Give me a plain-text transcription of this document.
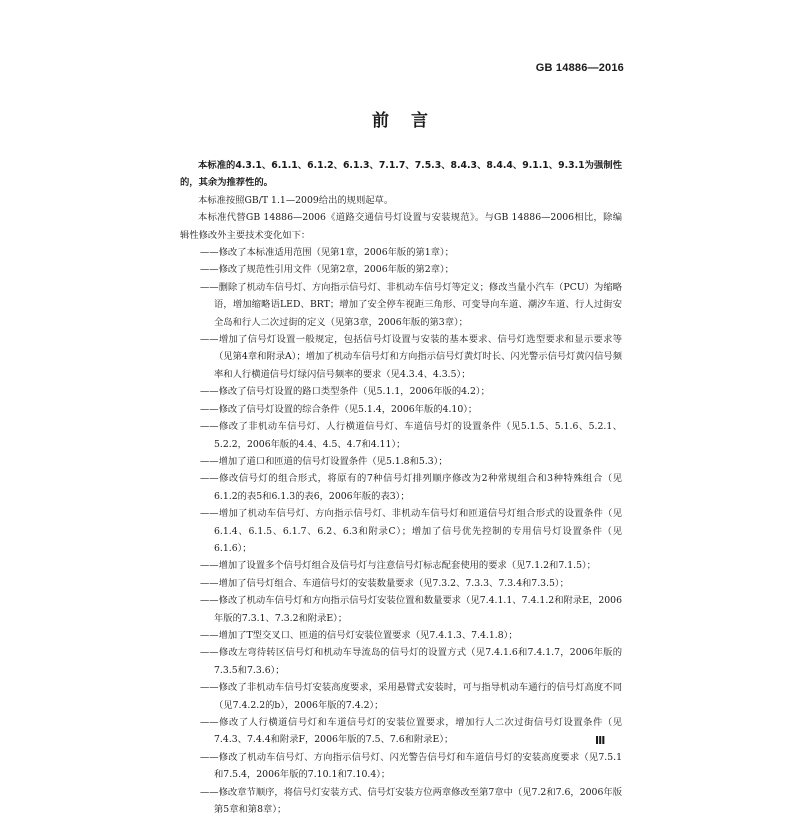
GB 14886—2016
前言

本标准的4.3.1、6.1.1、6.1.2、6.1.3、7.1.7、7.5.3、8.4.3、8.4.4、9.1.1、9.3.1为强制性的，其余为推荐性的。

本标准按照GB/T 1.1—2009给出的规则起草。

本标准代替GB 14886—2006《道路交通信号灯设置与安装规范》。与GB 14886—2006相比，除编辑性修改外主要技术变化如下：

——修改了本标准适用范围（见第1章，2006年版的第1章）；

——修改了规范性引用文件（见第2章，2006年版的第2章）；

——删除了机动车信号灯、方向指示信号灯、非机动车信号灯等定义；修改当量小汽车（PCU）为缩略语，增加缩略语LED、BRT；增加了安全停车视距三角形、可变导向车道、潮汐车道、行人过街安全岛和行人二次过街的定义（见第3章，2006年版的第3章）；

——增加了信号灯设置一般规定，包括信号灯设置与安装的基本要求、信号灯选型要求和显示要求等（见第4章和附录A）；增加了机动车信号灯和方向指示信号灯黄灯时长、闪光警示信号灯黄闪信号频率和人行横道信号灯绿闪信号频率的要求（见4.3.4、4.3.5）；

——修改了信号灯设置的路口类型条件（见5.1.1，2006年版的4.2）；

——修改了信号灯设置的综合条件（见5.1.4，2006年版的4.10）；

——修改了非机动车信号灯、人行横道信号灯、车道信号灯的设置条件（见5.1.5、5.1.6、5.2.1、5.2.2，2006年版的4.4、4.5、4.7和4.11）；

——增加了道口和匝道的信号灯设置条件（见5.1.8和5.3）；

——修改信号灯的组合形式，将原有的7种信号灯排列顺序修改为2种常规组合和3种特殊组合（见6.1.2的表5和6.1.3的表6，2006年版的表3）；

——增加了机动车信号灯、方向指示信号灯、非机动车信号灯和匝道信号灯组合形式的设置条件（见6.1.4、6.1.5、6.1.7、6.2、6.3和附录C）；增加了信号优先控制的专用信号灯设置条件（见6.1.6）；

——增加了设置多个信号灯组合及信号灯与注意信号灯标志配套使用的要求（见7.1.2和7.1.5）；

——增加了信号灯组合、车道信号灯的安装数量要求（见7.3.2、7.3.3、7.3.4和7.3.5）；

——修改了机动车信号灯和方向指示信号灯安装位置和数量要求（见7.4.1.1、7.4.1.2和附录E，2006年版的7.3.1、7.3.2和附录E）；

——增加了T型交叉口、匝道的信号灯安装位置要求（见7.4.1.3、7.4.1.8）；

——修改左弯待转区信号灯和机动车导流岛的信号灯的设置方式（见7.4.1.6和7.4.1.7，2006年版的7.3.5和7.3.6）；

——修改了非机动车信号灯安装高度要求，采用悬臂式安装时，可与指导机动车通行的信号灯高度不同（见7.4.2.2的b），2006年版的7.4.2）；

——修改了人行横道信号灯和车道信号灯的安装位置要求，增加行人二次过街信号灯设置条件（见7.4.3、7.4.4和附录F，2006年版的7.5、7.6和附录E）；

——修改了机动车信号灯、方向指示信号灯、闪光警告信号灯和车道信号灯的安装高度要求（见7.5.1和7.5.4，2006年版的7.10.1和7.10.4）；

——修改章节顺序，将信号灯安装方式、信号灯安装方位两章修改至第7章中（见7.2和7.6，2006年版第5章和第8章）；

Ⅲ
